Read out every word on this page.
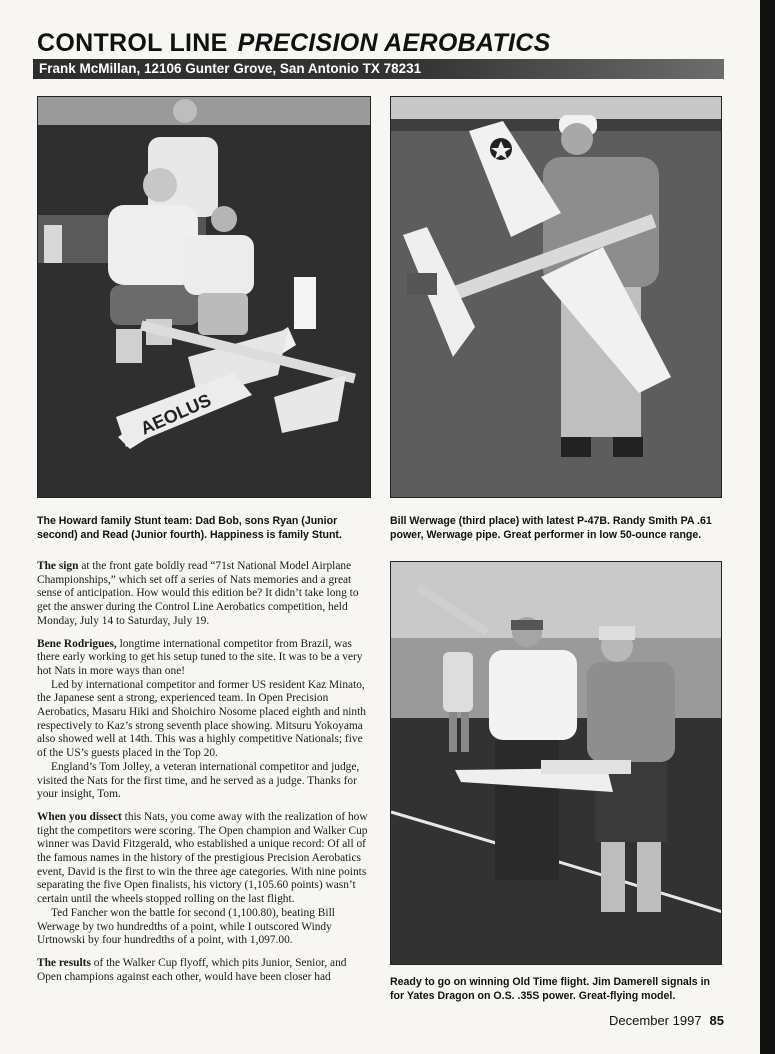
CONTROL LINE PRECISION AEROBATICS
Frank McMillan, 12106 Gunter Grove, San Antonio TX 78231
AEOLUS
The Howard family Stunt team: Dad Bob, sons Ryan (Junior second) and Read (Junior fourth). Happiness is family Stunt.
Bill Werwage (third place) with latest P-47B. Randy Smith PA .61 power, Werwage pipe. Great performer in low 50-ounce range.
Ready to go on winning Old Time flight. Jim Damerell signals in for Yates Dragon on O.S. .35S power. Great-flying model.

The sign at the front gate boldly read “71st National Model Airplane Championships,” which set off a series of Nats memories and a great sense of anticipation. How would this edition be? It didn’t take long to get the answer during the Control Line Aerobatics competition, held Monday, July 14 to Saturday, July 19.

Bene Rodrigues, longtime international competitor from Brazil, was there early working to get his setup tuned to the site. It was to be a very hot Nats in more ways than one!

Led by international competitor and former US resident Kaz Minato, the Japanese sent a strong, experienced team. In Open Precision Aerobatics, Masaru Hiki and Shoichiro Nosome placed eighth and ninth respectively to Kaz’s strong seventh place showing. Mitsuru Yokoyama also showed well at 14th. This was a highly competitive Nationals; five of the US’s guests placed in the Top 20.

England’s Tom Jolley, a veteran international competitor and judge, visited the Nats for the first time, and he served as a judge. Thanks for your insight, Tom.

When you dissect this Nats, you come away with the realization of how tight the competitors were scoring. The Open champion and Walker Cup winner was David Fitzgerald, who established a unique record: Of all of the famous names in the history of the prestigious Precision Aerobatics event, David is the first to win the three age categories. With nine points separating the five Open finalists, his victory (1,105.60 points) wasn’t certain until the wheels stopped rolling on the last flight.

Ted Fancher won the battle for second (1,100.80), beating Bill Werwage by two hundredths of a point, while I outscored Windy Urtnowski by four hundredths of a point, with 1,097.00.

The results of the Walker Cup flyoff, which pits Junior, Senior, and Open champions against each other, would have been closer had

December 1997 85
